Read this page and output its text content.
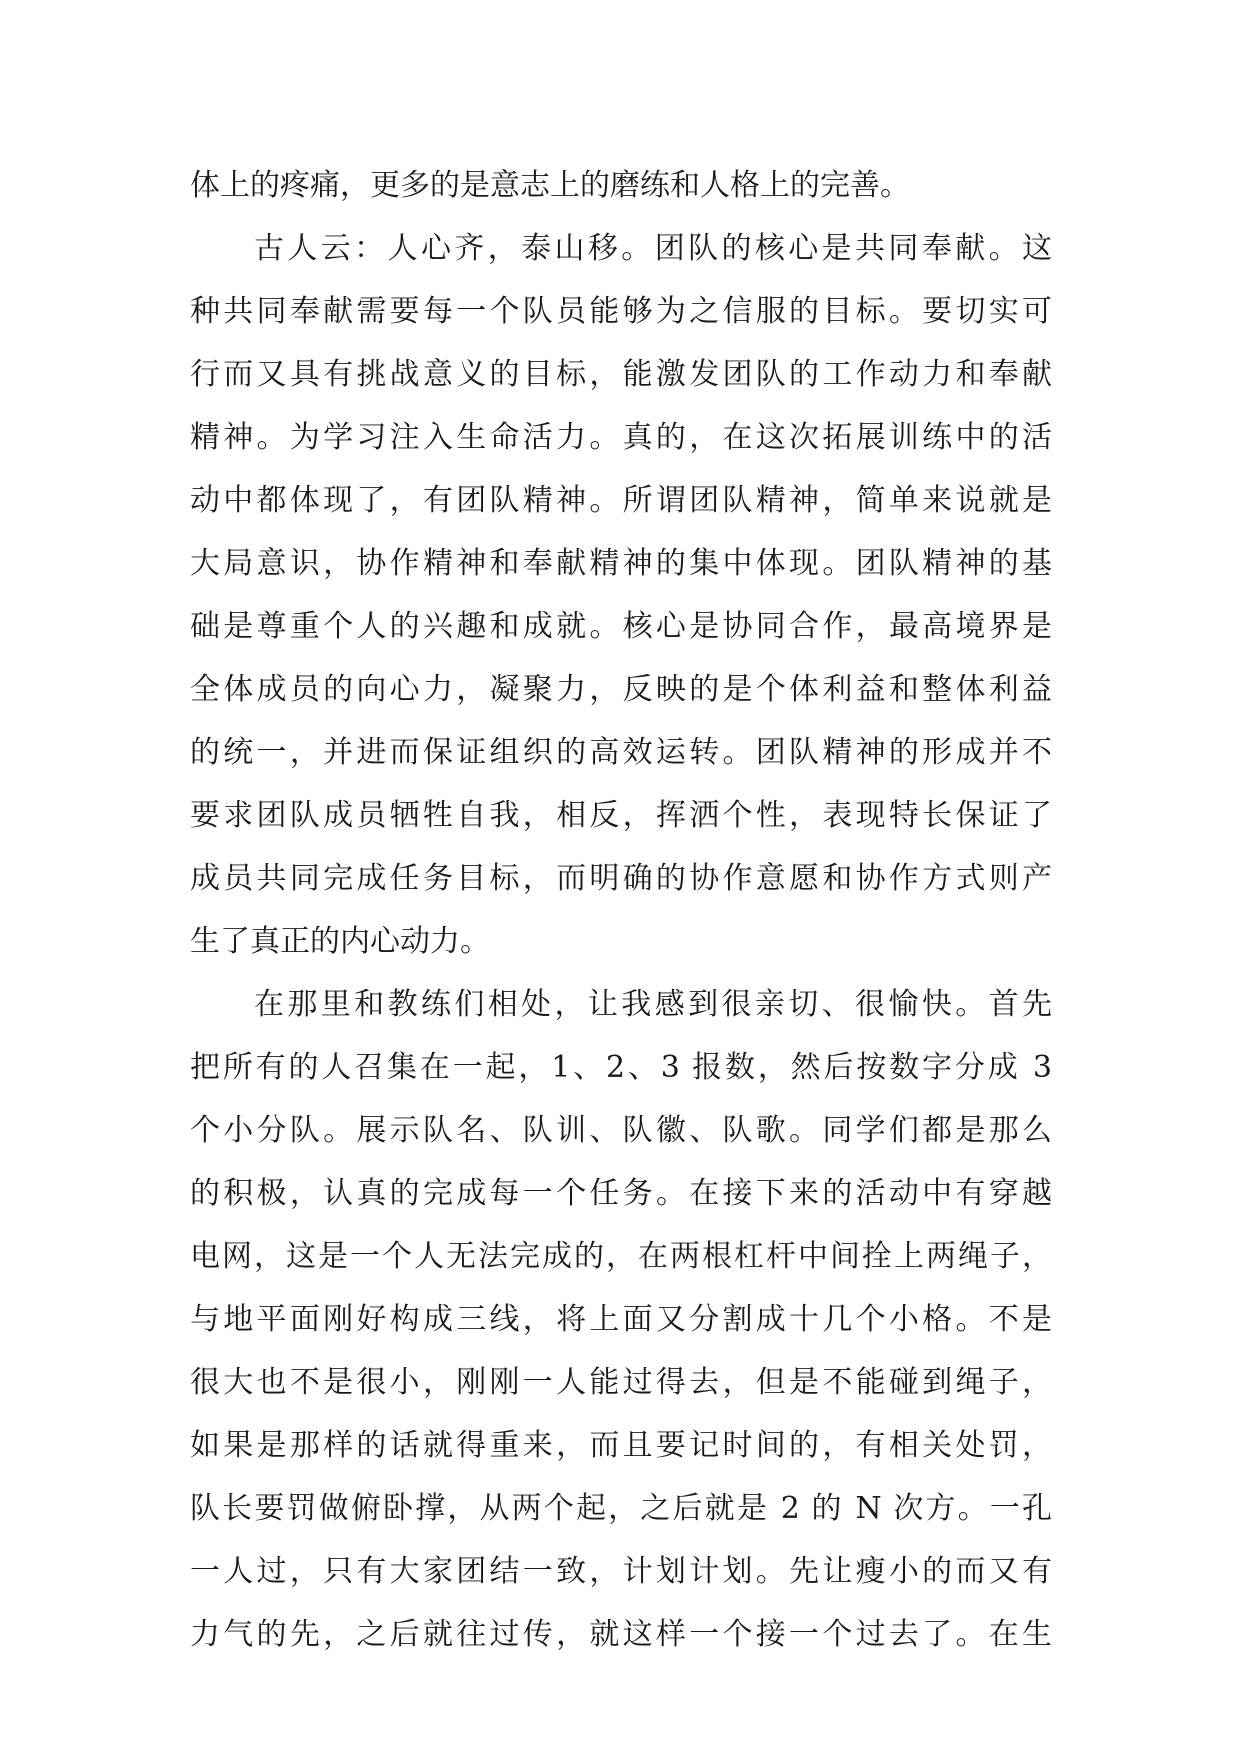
体上的疼痛，更多的是意志上的磨练和人格上的完善。
古人云：人心齐，泰山移。团队的核心是共同奉献。这
种共同奉献需要每一个队员能够为之信服的目标。要切实可
行而又具有挑战意义的目标，能激发团队的工作动力和奉献
精神。为学习注入生命活力。真的，在这次拓展训练中的活
动中都体现了，有团队精神。所谓团队精神，简单来说就是
大局意识，协作精神和奉献精神的集中体现。团队精神的基
础是尊重个人的兴趣和成就。核心是协同合作，最高境界是
全体成员的向心力，凝聚力，反映的是个体利益和整体利益
的统一，并进而保证组织的高效运转。团队精神的形成并不
要求团队成员牺牲自我，相反，挥洒个性，表现特长保证了
成员共同完成任务目标，而明确的协作意愿和协作方式则产
生了真正的内心动力。
在那里和教练们相处，让我感到很亲切、很愉快。首先
把所有的人召集在一起，1、2、3 报数，然后按数字分成 3
个小分队。展示队名、队训、队徽、队歌。同学们都是那么
的积极，认真的完成每一个任务。在接下来的活动中有穿越
电网，这是一个人无法完成的，在两根杠杆中间拴上两绳子，
与地平面刚好构成三线，将上面又分割成十几个小格。不是
很大也不是很小，刚刚一人能过得去，但是不能碰到绳子，
如果是那样的话就得重来，而且要记时间的，有相关处罚，
队长要罚做俯卧撑，从两个起，之后就是 2 的 N 次方。一孔
一人过，只有大家团结一致，计划计划。先让瘦小的而又有
力气的先，之后就往过传，就这样一个接一个过去了。在生
